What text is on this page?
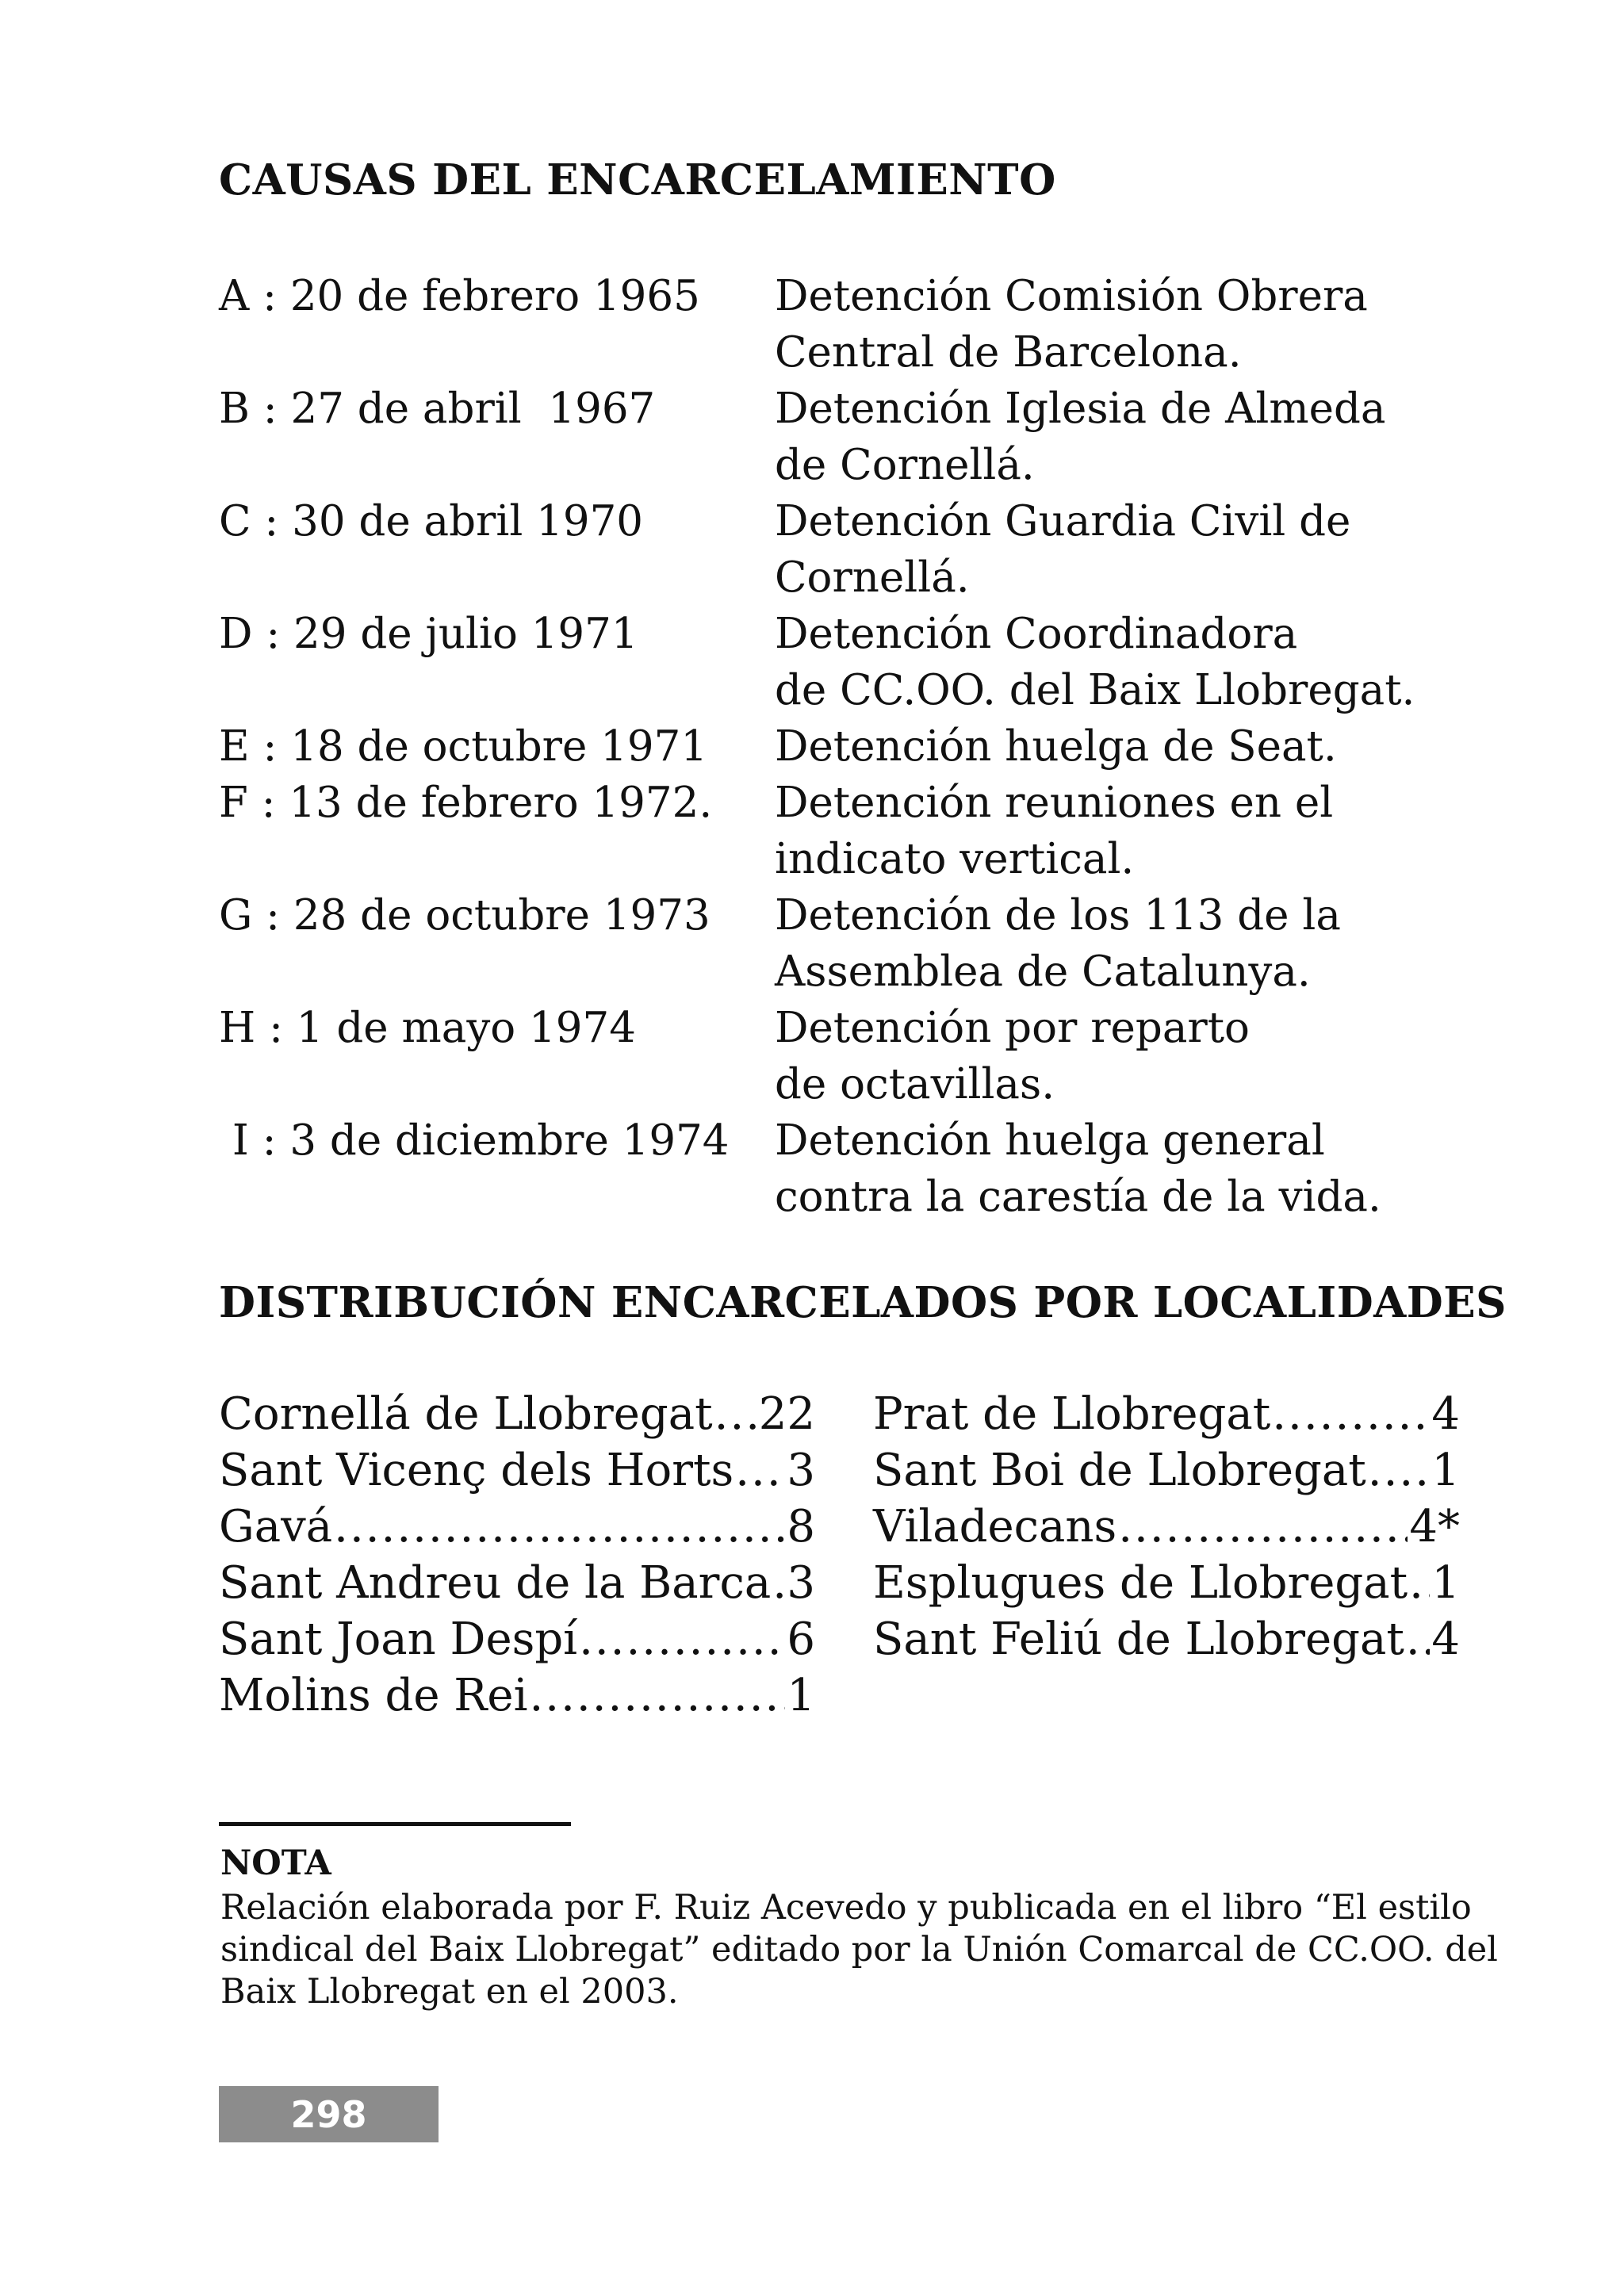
CAUSAS DEL ENCARCELAMIENTO
A : 20 de febrero 1965	Detención Comisión Obrera
Central de Barcelona.
B : 27 de abril  1967	Detención Iglesia de Almeda
de Cornellá.
C : 30 de abril 1970	Detención Guardia Civil de
Cornellá.
D : 29 de julio 1971	Detención Coordinadora
de CC.OO. del Baix Llobregat.
E : 18 de octubre 1971	Detención huelga de Seat.
F : 13 de febrero 1972.	Detención reuniones en el
indicato vertical.
G : 28 de octubre 1973	Detención de los 113 de la
Assemblea de Catalunya.
H : 1 de mayo 1974	Detención por reparto
de octavillas.
I : 3 de diciembre 1974	Detención huelga general
contra la carestía de la vida.
DISTRIBUCIÓN ENCARCELADOS POR LOCALIDADES
Cornellá de Llobregat ..... 22
Sant Vicenç dels Horts ..... 3
Gavá .....	8
Sant Andreu de la Barca ..... 3
Sant Joan Despí .....	6
Molins de Rei .....	1
Prat de Llobregat .....	4
Sant Boi de Llobregat ..... 1
Viladecans .....	4*
Esplugues de Llobregat ..... 1
Sant Feliú de Llobregat ..... 4

NOTA

Relación elaborada por F. Ruiz Acevedo y publicada en el libro “El estilo
sindical del Baix Llobregat” editado por la Unión Comarcal de CC.OO. del
Baix Llobregat en el 2003.
298
